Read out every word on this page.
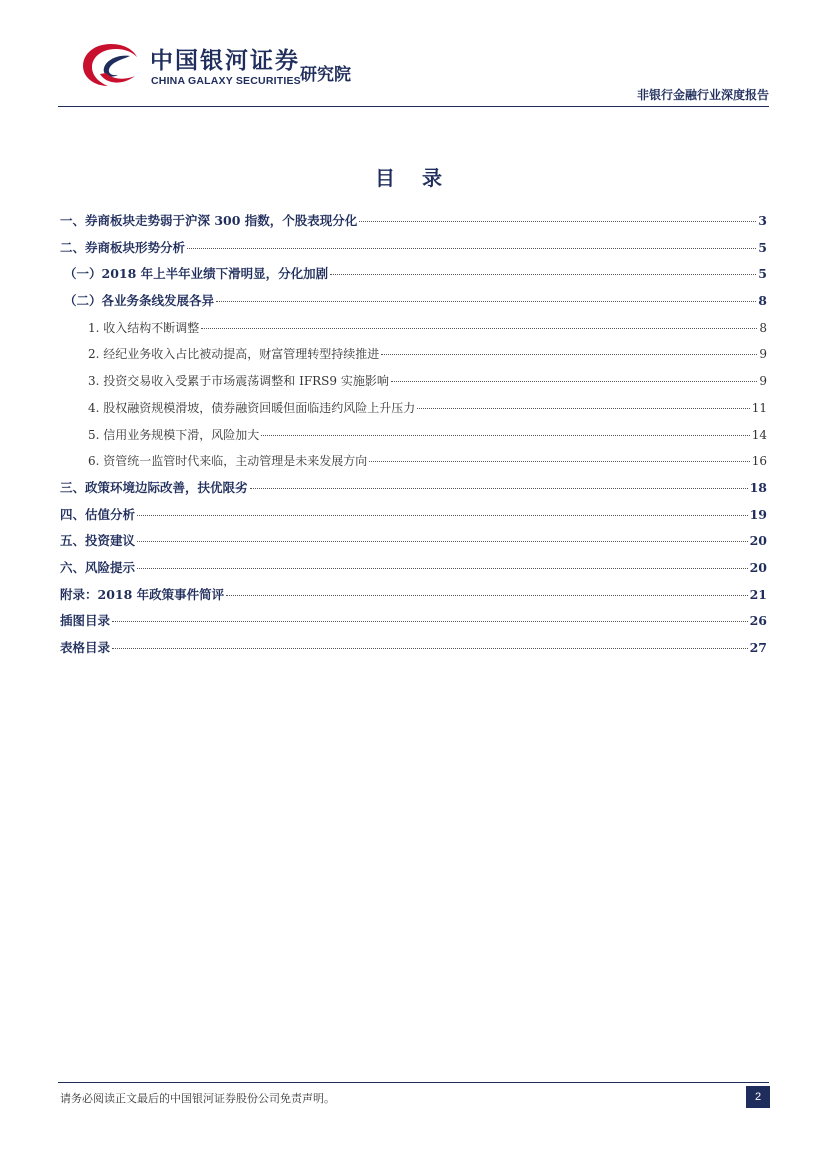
中国银河证券
CHINA GALAXY SECURITIES 研究院
非银行金融行业深度报告
目 录
一、券商板块走势弱于沪深 300 指数，个股表现分化	3
二、券商板块形势分析	5
（一）2018 年上半年业绩下滑明显，分化加剧	5
（二）各业务条线发展各异	8
1. 收入结构不断调整	8
2. 经纪业务收入占比被动提高，财富管理转型持续推进	9
3. 投资交易收入受累于市场震荡调整和 IFRS9 实施影响	9
4. 股权融资规模滑坡，债券融资回暖但面临违约风险上升压力	11
5. 信用业务规模下滑，风险加大	14
6. 资管统一监管时代来临，主动管理是未来发展方向	16
三、政策环境边际改善，扶优限劣	18
四、估值分析	19
五、投资建议	20
六、风险提示	20
附录：2018 年政策事件简评	21
插图目录	26
表格目录	27
请务必阅读正文最后的中国银河证券股份公司免责声明。	2
